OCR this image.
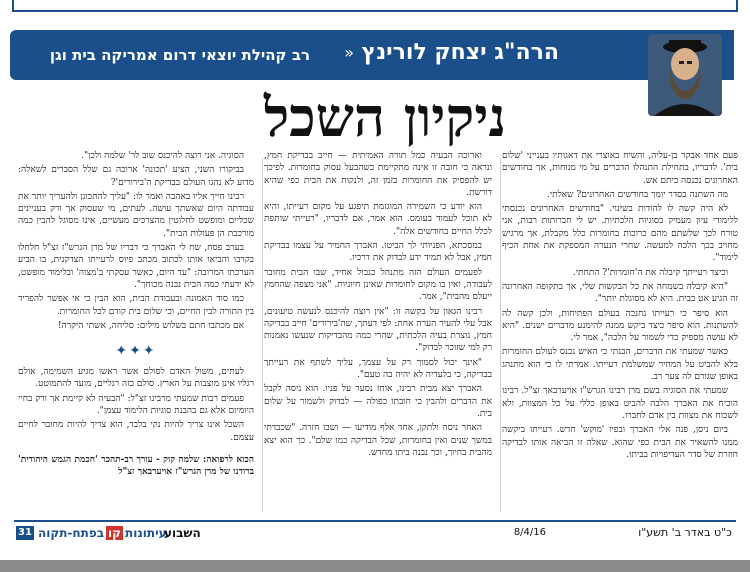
הרה"ג יצחק לורינץ
רב קהילת יוצאי דרום אמריקה בית וגן »
ניקיון השכל

פעם אחד אבקר בן-עליה, והשיח באוצרי את דאגותיו בענייני 'שלום בית'. לדבריו, בתחילת התנהלו הדברים על מי מנוחות, אך בחודשים האחרונים נכנסה ביתם אש.

מה השתנה בסדר יומך בחודשים האחרונים? שאלתי.

לא היה קשה לו להודות בשינוי. "בחודשים האחרונים נכנסתי ללימודי עיון מעמיק בסוגיות הלכתיות. יש לי חברותות רבות, אני טורח לכך שלשתם מהם כרוכות בחומרות כלל מקבלת, אך מרגיש מחויב בכך הלכה למעשה. שחרי הנערה המספקת את אחת הכיף לימוד".

וכיצד רעייתך קיבלה את ה'חומרות'? התחתי.

"היא קיבלה בשמחה את כל הבקשות שלי, אך בתקופה האחרונה זה הגיע אט בבית. היא לא מסוגלת יותר".

הוא סיפר כי רעייתו נחנכה בעולם הפתיחות, ולכן קשה לה להשתנות. הוא סיפר כיצד ביקש ממנה להימנע מדברים ישנים. "היא לא עושה מספיק כדי לשמור על הלכה", אמר לי.

כאשר שמעתי את הדברים, הבנתי כי האיש נכנס לעולם החומרות בלא להביט על המחיר שמשלמת רעייתו. אמרתי לו כי הוא מתנהג באופן שגורם לה צער רב.

שמעתי את הסוגיה בשם מרן רבינו הגרש"ז אויערבאך זצ"ל. רבינו הוכיח את האברך הלבה להביט באופן כללי על כל המצוות, ולא לשכוח את מצוות בין אדם לחברו.

ביום ניסן, פנה אלי האברך ובפיו 'מוקש' חדש. רעייתו ביקשה ממנו להשאיר את הבית כפי שהוא. שאלה זו הביאה אותו לבדיקה חוזרת של סדר העדיפויות בביתו.

וארוכה הבעיה כמל תורה האמיתית — חייב בבדיקת חמץ, ונראה כי חובה זו אינה מתקיימת כשהבעל עסוק בחומרות. לפיכך יש להפסיק את החומרות בזמן זה, ולנקות את הבית כפי שהיא דורשת.

הוא יודע כי השמירה המוגזמת תיפגע על מקום רעייתו, והיא לא תוכל לעמוד בעומס. הוא אמר, אם לדבריו, "רעייתי שותפת לכלל החיים בחודשים אלה".

במסכתא, הפניותי לך הביטו. האברך החמיר על עצמו בבדיקת חמץ, אבל לא תמיד ידע לבדוק את דרכיו.

לפעמים העולם הזה מתנהל כגבול אחיד, שבו הבית מחובר לעבודה, ואין בו מקום לחומרות שאינן חיוניות. "אני מצפה שהחמץ ייעלם מהבית", אמר.

רבינו הגאון על בקשה זו: "אין רוצה להיכנס לנעשה טיעונים, אבל עלי להעיר הערה אחת: לפי דעתך, שה'בירורים' חייב בבדיקה חמץ, נוצרת בעיה הלכתית, שהרי כמה מהבדיקות שנעשו נאמנות רק למי שזוכר לבדוק".

"אינך יכול לסמוך רק על עצמך, עליך לשתף את רעייתך בבדיקה, כי בלעדיה לא יהיה בה טעם".

האברך יצא מבית רבינו, אוחז נסער על פניו. הוא ניסה לקבל את הדברים ולהבין כי חובתו כפולה — לבדוק ולשמור על שלום בית.

האחר ניסה ולתקן, אחד אלף מודיעו — ושבו חזרה. "שכבדתי במשך שנים ואין בחומרות, שכל הבדיקה כמו שלם". כך הוא יצא מהבית בחיוך, וכך נבנה ביתו מחדש.

הסוגיה. אני רוצה להיכנס שוב לר' שלמה ולכן".

בביקורו השני, הציע 'תכונה' ארוכה גם שלל הסברים לשאלה: מדוע לא נהגו העולם בבדיקת ה'בירורים'?

רבינו חייך אליו באהבה ואמר לו: "עליך להתכונן ולהעריך יותר את עבודתה היום שאשתך עושה. לעתים, מי שעסוק אך ורק בעניינים שכליים ומופשט לחלוטין מהצרכים מעשיים, אינו מסוגל להבין כמה מורכבת הן פעולות הבית".

בערב פסח, שח לי האברך כי דבריו של מרן הגרש"ז זצ"ל חלחלו בקרבו והביאו אותו לכתוב מכתב פיוס לרעייתו הצדקנית, בו הביע הערכתו המרובה: "עד היום, כאשר עסקתי ב'מצוה' ובלימוד מופשט, לא ידעתי כמה הבית נבנה מכוחך".

כמו סוד האמונה ובעבודת הבית, הוא הבין כי אי אפשר להפריד בין התורה לבין החיים, וכי שלום בית קודם לכל החומרות.

אם מכתבו חתם בשלוש מילים: סליחה, אשתי היקרה!

✦✦✦

לעתים, משול האדם לסולם אשר ראשו מגיע השמימה, אולם רגליו אינן מוצבות על הארץ. סולם כזה רגליים, מועד להתמוטט.

פעמים רבות שמעתי מרבינו זצ"ל: "הבעיה לא קיימת אך ורק בחיי היומיום אלא גם בהבנת סוגיות הלימוד עצמן".

השכל אינו צריך להיות נקי בלבד, הוא צריך להיות מחובר לחיים עצמם.

הכוא לרפואה: שלמה קוק - עורך רב-תהכר 'חכמת הגמש היהודית' ברודנו של מרן הגרש"ז אויערבאך זצ"ל

31	עיתונותקובפתח-תקוה	השבוע	8/4/16	כ"ט באדר ב' תשע"ו
